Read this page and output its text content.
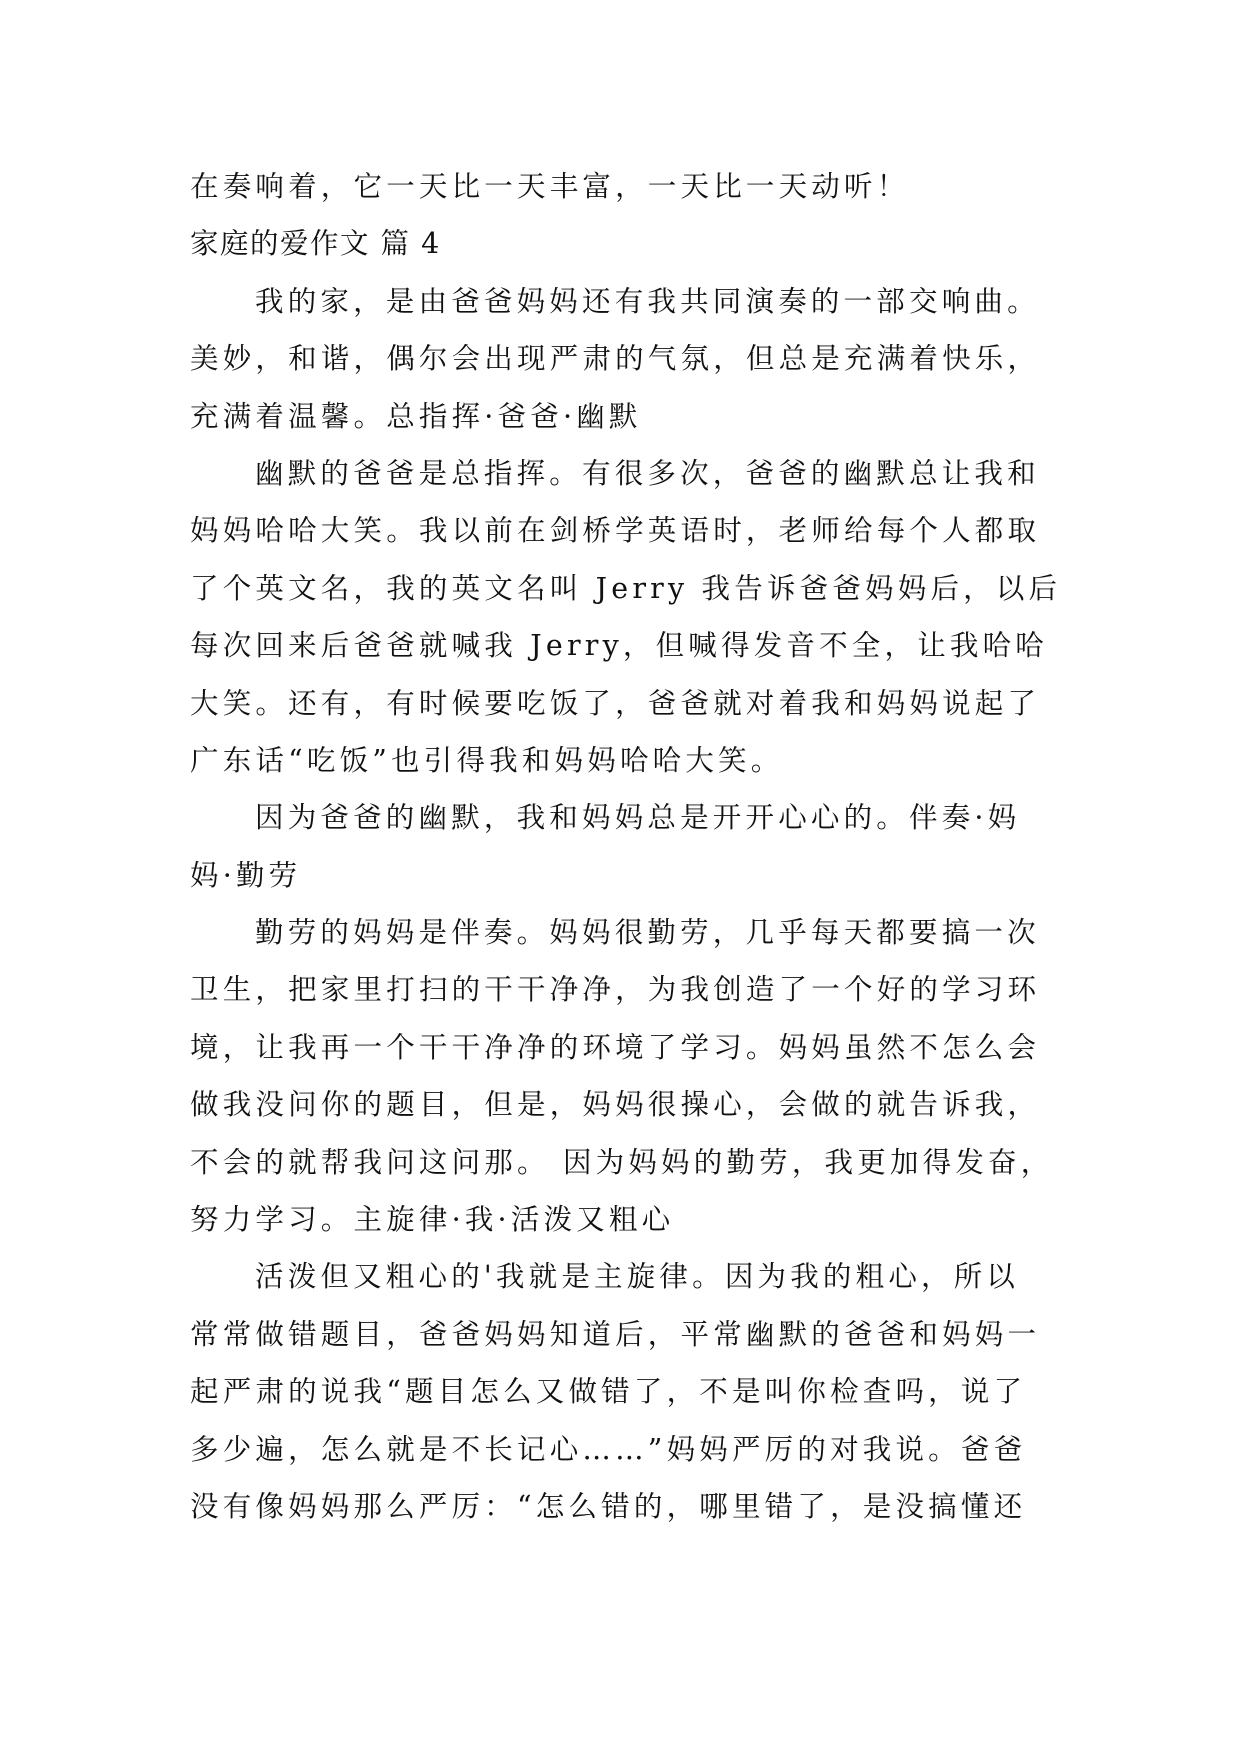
在奏响着，它一天比一天丰富，一天比一天动听！
家庭的爱作文 篇 4
我的家，是由爸爸妈妈还有我共同演奏的一部交响曲。
美妙，和谐，偶尔会出现严肃的气氛，但总是充满着快乐，
充满着温馨。总指挥·爸爸·幽默
幽默的爸爸是总指挥。有很多次，爸爸的幽默总让我和
妈妈哈哈大笑。我以前在剑桥学英语时，老师给每个人都取
了个英文名，我的英文名叫 Jerry 我告诉爸爸妈妈后，以后
每次回来后爸爸就喊我 Jerry，但喊得发音不全，让我哈哈
大笑。还有，有时候要吃饭了，爸爸就对着我和妈妈说起了
广东话“吃饭”也引得我和妈妈哈哈大笑。
因为爸爸的幽默，我和妈妈总是开开心心的。伴奏·妈
妈·勤劳
勤劳的妈妈是伴奏。妈妈很勤劳，几乎每天都要搞一次
卫生，把家里打扫的干干净净，为我创造了一个好的学习环
境，让我再一个干干净净的环境了学习。妈妈虽然不怎么会
做我没问你的题目，但是，妈妈很操心，会做的就告诉我，
不会的就帮我问这问那。 因为妈妈的勤劳，我更加得发奋，
努力学习。主旋律·我·活泼又粗心
活泼但又粗心的'我就是主旋律。因为我的粗心，所以
常常做错题目，爸爸妈妈知道后，平常幽默的爸爸和妈妈一
起严肃的说我“题目怎么又做错了，不是叫你检查吗，说了
多少遍，怎么就是不长记心……”妈妈严厉的对我说。爸爸
没有像妈妈那么严厉：“怎么错的，哪里错了，是没搞懂还
